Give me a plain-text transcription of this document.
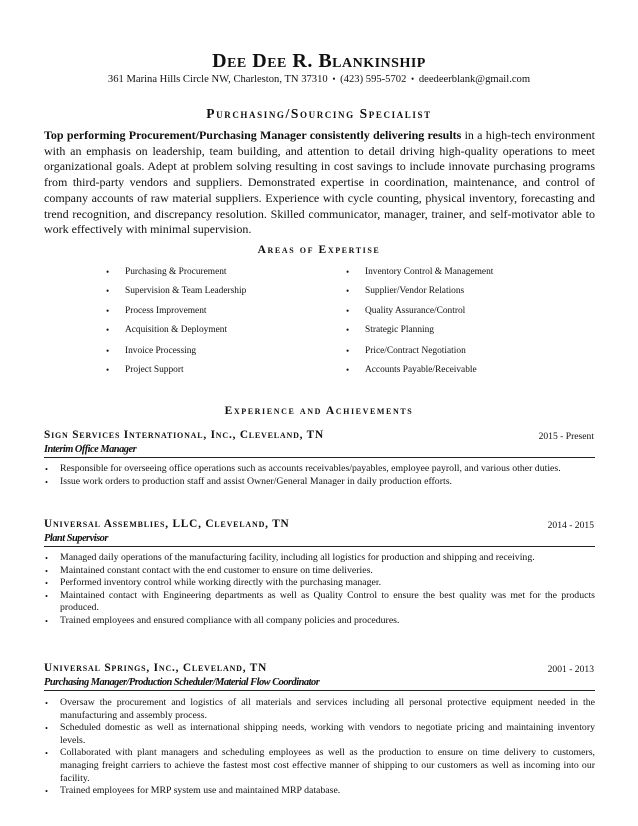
Dee Dee R. Blankinship
361 Marina Hills Circle NW, Charleston, TN 37310 • (423) 595-5702 • deedeerblank@gmail.com
Purchasing/Sourcing Specialist
Top performing Procurement/Purchasing Manager consistently delivering results in a high-tech environment with an emphasis on leadership, team building, and attention to detail driving high-quality operations to meet organizational goals. Adept at problem solving resulting in cost savings to include innovate purchasing programs from third-party vendors and suppliers. Demonstrated expertise in coordination, maintenance, and control of company accounts of raw material suppliers. Experience with cycle counting, physical inventory, forecasting and trend recognition, and discrepancy resolution. Skilled communicator, manager, trainer, and self-motivator able to work effectively with minimal supervision.
Areas of Expertise
• Purchasing & Procurement
• Supervision & Team Leadership
• Process Improvement
• Acquisition & Deployment
• Invoice Processing
• Project Support
• Inventory Control & Management
• Supplier/Vendor Relations
• Quality Assurance/Control
• Strategic Planning
• Price/Contract Negotiation
• Accounts Payable/Receivable
Experience and Achievements
Sign Services International, Inc., Cleveland, TN	2015 - Present
Interim Office Manager
• Responsible for overseeing office operations such as accounts receivables/payables, employee payroll, and various other duties.
• Issue work orders to production staff and assist Owner/General Manager in daily production efforts.
Universal Assemblies, LLC, Cleveland, TN	2014 - 2015
Plant Supervisor
• Managed daily operations of the manufacturing facility, including all logistics for production and shipping and receiving.
• Maintained constant contact with the end customer to ensure on time deliveries.
• Performed inventory control while working directly with the purchasing manager.
• Maintained contact with Engineering departments as well as Quality Control to ensure the best quality was met for the products produced.
• Trained employees and ensured compliance with all company policies and procedures.
Universal Springs, Inc., Cleveland, TN	2001 - 2013
Purchasing Manager/Production Scheduler/Material Flow Coordinator
• Oversaw the procurement and logistics of all materials and services including all personal protective equipment needed in the manufacturing and assembly process.
• Scheduled domestic as well as international shipping needs, working with vendors to negotiate pricing and maintaining inventory levels.
• Collaborated with plant managers and scheduling employees as well as the production to ensure on time delivery to customers, managing freight carriers to achieve the fastest most cost effective manner of shipping to our customers as well as incoming into our facility.
• Trained employees for MRP system use and maintained MRP database.
